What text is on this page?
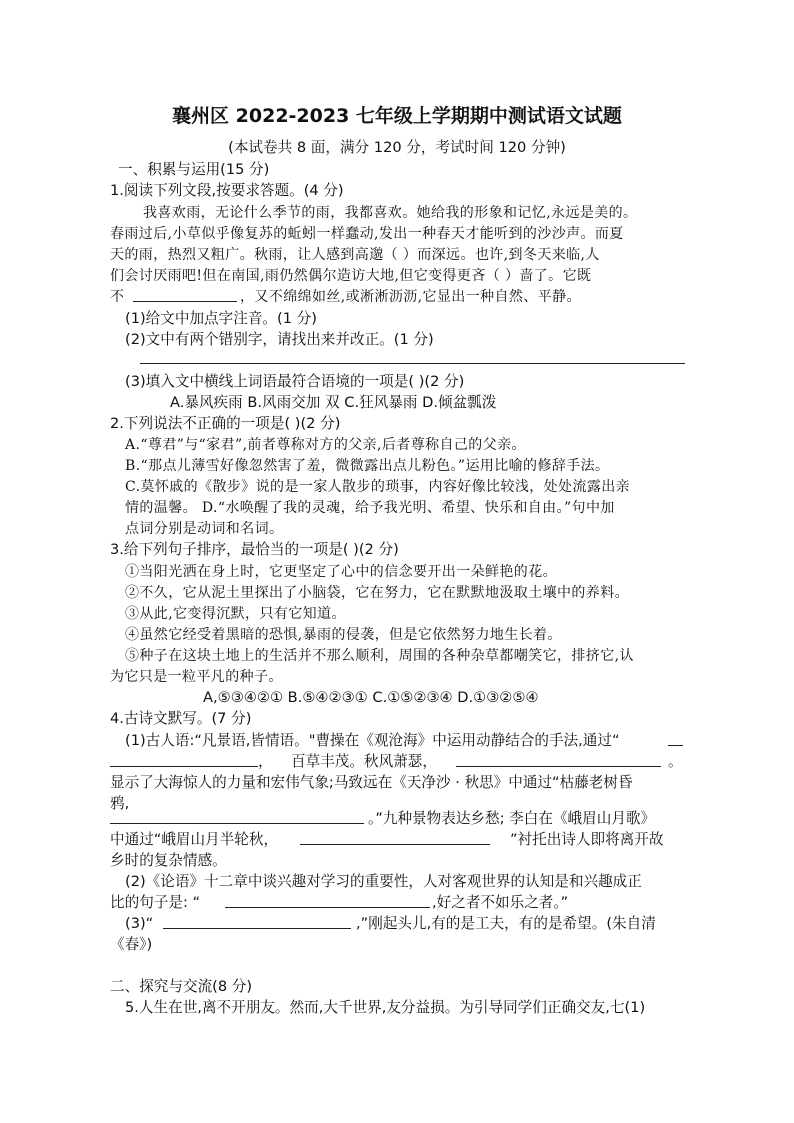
襄州区 2022-2023 七年级上学期期中测试语文试题
(本试卷共 8 面，满分 120 分，考试时间 120 分钟)
一、积累与运用(15 分)
1.阅读下列文段,按要求答题。(4 分)
我喜欢雨，无论什么季节的雨，我都喜欢。她给我的形象和记忆,永远是美的。
春雨过后,小草似乎像复苏的蚯蚓一样蠢动,发出一种春天才能听到的沙沙声。而夏
天的雨，热烈又粗广。秋雨，让人感到高邈（ ）而深远。也许,到冬天来临,人
们会讨厌雨吧!但在南国,雨仍然偶尔造访大地,但它变得更吝（ ）啬了。它既
不	，又不绵绵如丝,或淅淅沥沥,它显出一种自然、平静。
(1)给文中加点字注音。(1 分)
(2)文中有两个错别字，请找出来并改正。(1 分)
(3)填入文中横线上词语最符合语境的一项是( )(2 分)
A.暴风疾雨 B.风雨交加 双 C.狂风暴雨 D.倾盆瓢泼
2.下列说法不正确的一项是( )(2 分)
A.“尊君”与“家君”,前者尊称对方的父亲,后者尊称自己的父亲。
B.“那点儿薄雪好像忽然害了羞，微微露出点儿粉色。”运用比喻的修辞手法。
C.莫怀戚的《散步》说的是一家人散步的琐事，内容好像比较浅，处处流露出亲
情的温馨。 D.“水唤醒了我的灵魂，给予我光明、希望、快乐和自由。”句中加
点词分别是动词和名词。
3.给下列句子排序，最恰当的一项是( )(2 分)
①当阳光洒在身上时，它更坚定了心中的信念要开出一朵鲜艳的花。
②不久，它从泥土里探出了小脑袋，它在努力，它在默默地汲取土壤中的养料。
③从此,它变得沉默，只有它知道。
④虽然它经受着黑暗的恐惧,暴雨的侵袭，但是它依然努力地生长着。
⑤种子在这块土地上的生活并不那么顺利，周围的各种杂草都嘲笑它，排挤它,认
为它只是一粒平凡的种子。
A,⑤③④②① B.⑤④②③① C.①⑤②③④ D.①③②⑤④
4.古诗文默写。(7 分)
(1)古人语:“凡景语,皆情语。"曹操在《观沧海》中运用动静结合的手法,通过“
， 百草丰茂。秋风萧瑟，	。
显示了大海惊人的力量和宏伟气象;马致远在《天净沙 · 秋思》中通过“枯藤老树昏
鸦,
。”九种景物表达乡愁; 李白在《峨眉山月歌》
中通过“峨眉山月半轮秋，	”衬托出诗人即将离开故
乡时的复杂情感。
(2)《论语》十二章中谈兴趣对学习的重要性，人对客观世界的认知是和兴趣成正
比的句子是: “	,好之者不如乐之者。”
(3)“	,”刚起头儿,有的是工夫，有的是希望。(朱自清
《春》)
二、探究与交流(8 分)
5.人生在世,离不开朋友。然而,大千世界,友分益损。为引导同学们正确交友,七(1)
